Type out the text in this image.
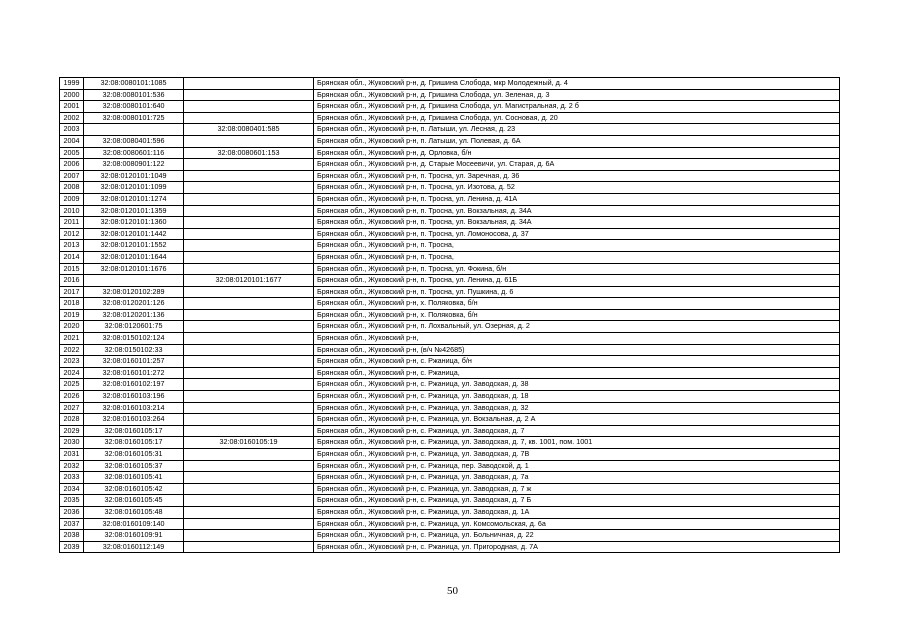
1999	32:08:0080101:1085		Брянская обл., Жуковский р-н, д. Гришина Слобода, мкр Молодежный, д. 4
2000	32:08:0080101:536		Брянская обл., Жуковский р-н, д. Гришина Слобода, ул. Зеленая, д. 3
2001	32:08:0080101:640		Брянская обл., Жуковский р-н, д. Гришина Слобода, ул. Магистральная, д. 2 б
2002	32:08:0080101:725		Брянская обл., Жуковский р-н, д. Гришина Слобода, ул. Сосновая, д. 20
2003		32:08:0080401:585	Брянская обл., Жуковский р-н, п. Латыши, ул. Лесная, д. 23
2004	32:08:0080401:596		Брянская обл., Жуковский р-н, п. Латыши, ул. Полевая, д. 6А
2005	32:08:0080601:116	32:08:0080601:153	Брянская обл., Жуковский р-н, д. Орловка, б/н
2006	32:08:0080901:122		Брянская обл., Жуковский р-н, д. Старые Мосеевичи, ул. Старая, д. 6А
2007	32:08:0120101:1049		Брянская обл., Жуковский р-н, п. Тросна, ул. Заречная, д. 36
2008	32:08:0120101:1099		Брянская обл., Жуковский р-н, п. Тросна, ул. Изотова, д. 52
2009	32:08:0120101:1274		Брянская обл., Жуковский р-н, п. Тросна, ул. Ленина, д. 41А
2010	32:08:0120101:1359		Брянская обл., Жуковский р-н, п. Тросна, ул. Вокзальная, д. 34А
2011	32:08:0120101:1360		Брянская обл., Жуковский р-н, п. Тросна, ул. Вокзальная, д. 34А
2012	32:08:0120101:1442		Брянская обл., Жуковский р-н, п. Тросна, ул. Ломоносова, д. 37
2013	32:08:0120101:1552		Брянская обл., Жуковский р-н, п. Тросна,
2014	32:08:0120101:1644		Брянская обл., Жуковский р-н, п. Тросна,
2015	32:08:0120101:1676		Брянская обл., Жуковский р-н, п. Тросна, ул. Фокина, б/н
2016		32:08:0120101:1677	Брянская обл., Жуковский р-н, п. Тросна, ул. Ленина, д. 61Б
2017	32:08:0120102:289		Брянская обл., Жуковский р-н, п. Тросна, ул. Пушкина, д. 6
2018	32:08:0120201:126		Брянская обл., Жуковский р-н, х. Поляковка, б/н
2019	32:08:0120201:136		Брянская обл., Жуковский р-н, х. Поляковка, б/н
2020	32:08:0120601:75		Брянская обл., Жуковский р-н, п. Лохвальный, ул. Озерная, д. 2
2021	32:08:0150102:124		Брянская обл., Жуковский р-н,
2022	32:08:0150102:33		Брянская обл., Жуковский р-н, (в/ч №42685)
2023	32:08:0160101:257		Брянская обл., Жуковский р-н, с. Ржаница, б/н
2024	32:08:0160101:272		Брянская обл., Жуковский р-н, с. Ржаница,
2025	32:08:0160102:197		Брянская обл., Жуковский р-н, с. Ржаница, ул. Заводская, д. 38
2026	32:08:0160103:196		Брянская обл., Жуковский р-н, с. Ржаница, ул. Заводская, д. 18
2027	32:08:0160103:214		Брянская обл., Жуковский р-н, с. Ржаница, ул. Заводская, д. 32
2028	32:08:0160103:264		Брянская обл., Жуковский р-н, с. Ржаница, ул. Вокзальная, д. 2 А
2029	32:08:0160105:17		Брянская обл., Жуковский р-н, с. Ржаница, ул. Заводская, д. 7
2030	32:08:0160105:17	32:08:0160105:19	Брянская обл., Жуковский р-н, с. Ржаница, ул. Заводская, д. 7, кв. 1001, пом. 1001
2031	32:08:0160105:31		Брянская обл., Жуковский р-н, с. Ржаница, ул. Заводская, д. 7В
2032	32:08:0160105:37		Брянская обл., Жуковский р-н, с. Ржаница, пер. Заводской, д. 1
2033	32:08:0160105:41		Брянская обл., Жуковский р-н, с. Ржаница, ул. Заводская, д. 7а
2034	32:08:0160105:42		Брянская обл., Жуковский р-н, с. Ржаница, ул. Заводская, д. 7 ж
2035	32:08:0160105:45		Брянская обл., Жуковский р-н, с. Ржаница, ул. Заводская, д. 7 Б
2036	32:08:0160105:48		Брянская обл., Жуковский р-н, с. Ржаница, ул. Заводская, д. 1А
2037	32:08:0160109:140		Брянская обл., Жуковский р-н, с. Ржаница, ул. Комсомольская, д. 6а
2038	32:08:0160109:91		Брянская обл., Жуковский р-н, с. Ржаница, ул. Больничная, д. 22
2039	32:08:0160112:149		Брянская обл., Жуковский р-н, с. Ржаница, ул. Пригородная, д. 7А
50
